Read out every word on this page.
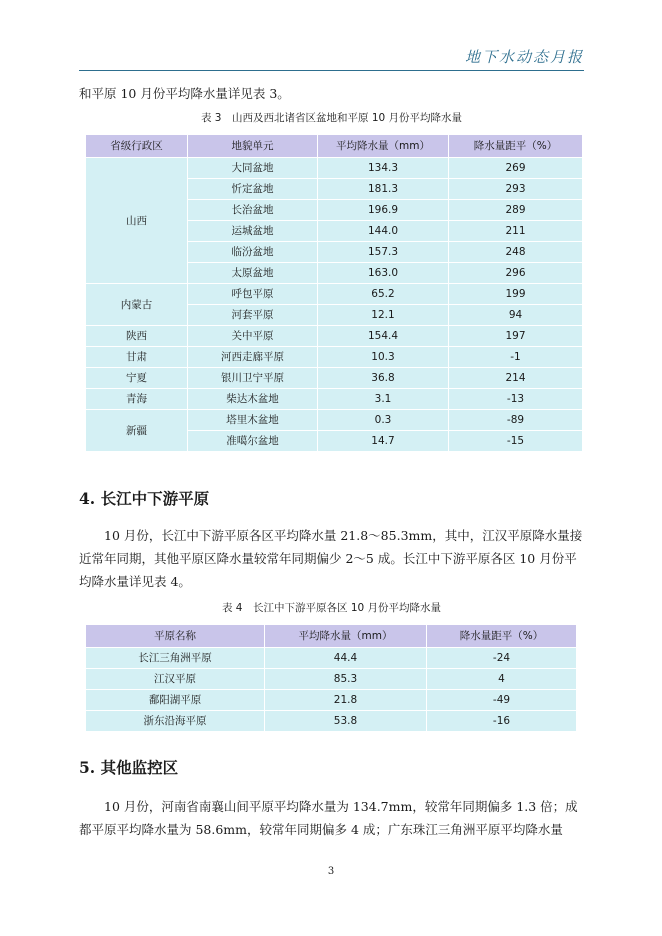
地下水动态月报

和平原 10 月份平均降水量详见表 3。

表 3　山西及西北诸省区盆地和平原 10 月份平均降水量
省级行政区	地貌单元	平均降水量（mm）	降水量距平（%）
山西	大同盆地	134.3	269
	忻定盆地	181.3	293
	长治盆地	196.9	289
	运城盆地	144.0	211
	临汾盆地	157.3	248
	太原盆地	163.0	296
内蒙古	呼包平原	65.2	199
	河套平原	12.1	94
陕西	关中平原	154.4	197
甘肃	河西走廊平原	10.3	-1
宁夏	银川卫宁平原	36.8	214
青海	柴达木盆地	3.1	-13
新疆	塔里木盆地	0.3	-89
	准噶尔盆地	14.7	-15
4. 长江中下游平原

10 月份，长江中下游平原各区平均降水量 21.8～85.3mm，其中，江汉平原降水量接近常年同期，其他平原区降水量较常年同期偏少 2～5 成。长江中下游平原各区 10 月份平均降水量详见表 4。

表 4　长江中下游平原各区 10 月份平均降水量
平原名称	平均降水量（mm）	降水量距平（%）
长江三角洲平原	44.4	-24
江汉平原	85.3	4
鄱阳湖平原	21.8	-49
浙东沿海平原	53.8	-16
5. 其他监控区

10 月份，河南省南襄山间平原平均降水量为 134.7mm，较常年同期偏多 1.3 倍；成都平原平均降水量为 58.6mm，较常年同期偏多 4 成；广东珠江三角洲平原平均降水量

3
